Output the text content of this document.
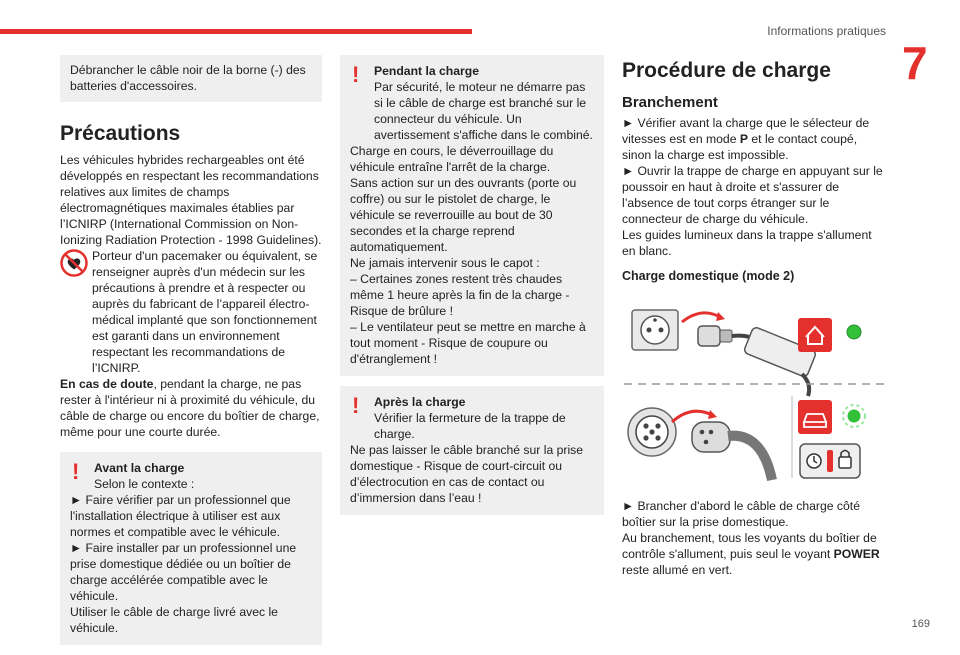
Informations pratiques
7
169

Débrancher le câble noir de la borne (-) des batteries d'accessoires.

Précautions

Les véhicules hybrides rechargeables ont été développés en respectant les recommandations relatives aux limites de champs électromagnétiques maximales établies par l’ICNIRP (International Commission on Non-Ionizing Radiation Protection - 1998 Guidelines).

Porteur d'un pacemaker ou équivalent, se renseigner auprès d'un médecin sur les précautions à prendre et à respecter ou auprès du fabricant de l’appareil électro-médical implanté que son fonctionnement est garanti dans un environnement respectant les recommandations de l’ICNIRP.

En cas de doute, pendant la charge, ne pas rester à l'intérieur ni à proximité du véhicule, du câble de charge ou encore du boîtier de charge, même pour une courte durée.

! Avant la charge

Selon le contexte :

► Faire vérifier par un professionnel que l'installation électrique à utiliser est aux normes et compatible avec le véhicule.

► Faire installer par un professionnel une prise domestique dédiée ou un boîtier de charge accélérée compatible avec le véhicule.

Utiliser le câble de charge livré avec le véhicule.

! Pendant la charge

Par sécurité, le moteur ne démarre pas si le câble de charge est branché sur le connecteur du véhicule. Un avertissement s'affiche dans le combiné.

Charge en cours, le déverrouillage du véhicule entraîne l'arrêt de la charge.

Sans action sur un des ouvrants (porte ou coffre) ou sur le pistolet de charge, le véhicule se reverrouille au bout de 30 secondes et la charge reprend automatiquement.

Ne jamais intervenir sous le capot :

– Certaines zones restent très chaudes même 1 heure après la fin de la charge - Risque de brûlure !

– Le ventilateur peut se mettre en marche à tout moment - Risque de coupure ou d'étranglement !

! Après la charge

Vérifier la fermeture de la trappe de charge.

Ne pas laisser le câble branché sur la prise domestique - Risque de court-circuit ou d’électrocution en cas de contact ou d’immersion dans l’eau !

Procédure de charge
Branchement

► Vérifier avant la charge que le sélecteur de vitesses est en mode P et le contact coupé, sinon la charge est impossible.

► Ouvrir la trappe de charge en appuyant sur le poussoir en haut à droite et s'assurer de l’absence de tout corps étranger sur le connecteur de charge du véhicule.

Les guides lumineux dans la trappe s'allument en blanc.

Charge domestique (mode 2)

► Brancher d'abord le câble de charge côté boîtier sur la prise domestique.

Au branchement, tous les voyants du boîtier de contrôle s'allument, puis seul le voyant POWER reste allumé en vert.
